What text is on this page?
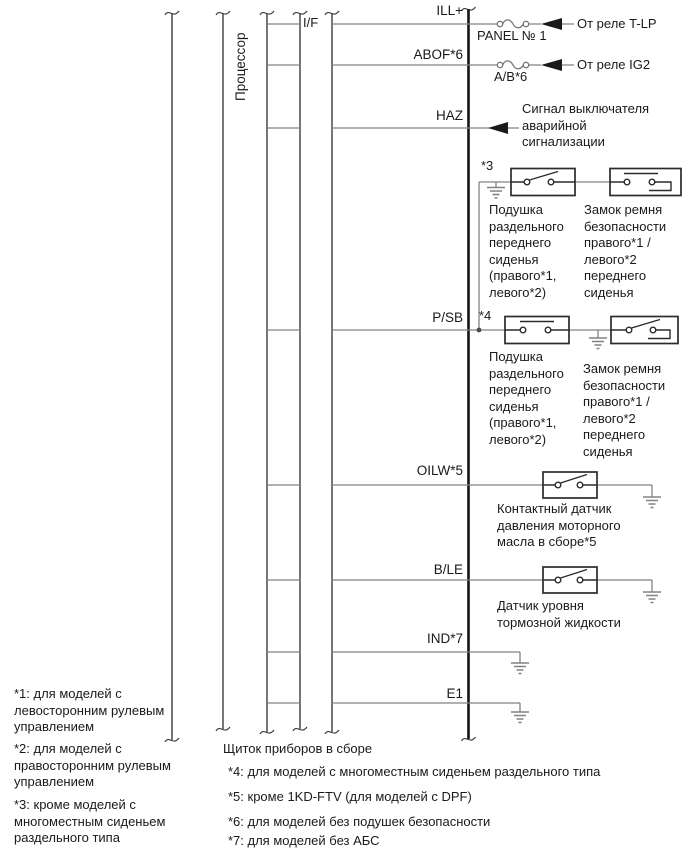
Процессор
I/F
ILL+
ABOF*6
HAZ
P/SB
OILW*5
B/LE
IND*7
E1
PANEL № 1
A/B*6
От реле T-LP
От реле IG2
Сигнал выключателя аварийной сигнализации
*3
*4
Подушка раздельного переднего сиденья (правого*1, левого*2)
Замок ремня безопасности правого*1 / левого*2 переднего сиденья
Подушка раздельного переднего сиденья (правого*1, левого*2)
Замок ремня безопасности правого*1 / левого*2 переднего сиденья
Контактный датчик давления моторного масла в сборе*5
Датчик уровня тормозной жидкости
Щиток приборов в сборе
*1: для моделей с левосторонним рулевым управлением
*2: для моделей с правосторонним рулевым управлением
*3: кроме моделей с многоместным сиденьем раздельного типа
*4: для моделей с многоместным сиденьем раздельного типа
*5: кроме 1KD-FTV (для моделей с DPF)
*6: для моделей без подушек безопасности
*7: для моделей без АБС
